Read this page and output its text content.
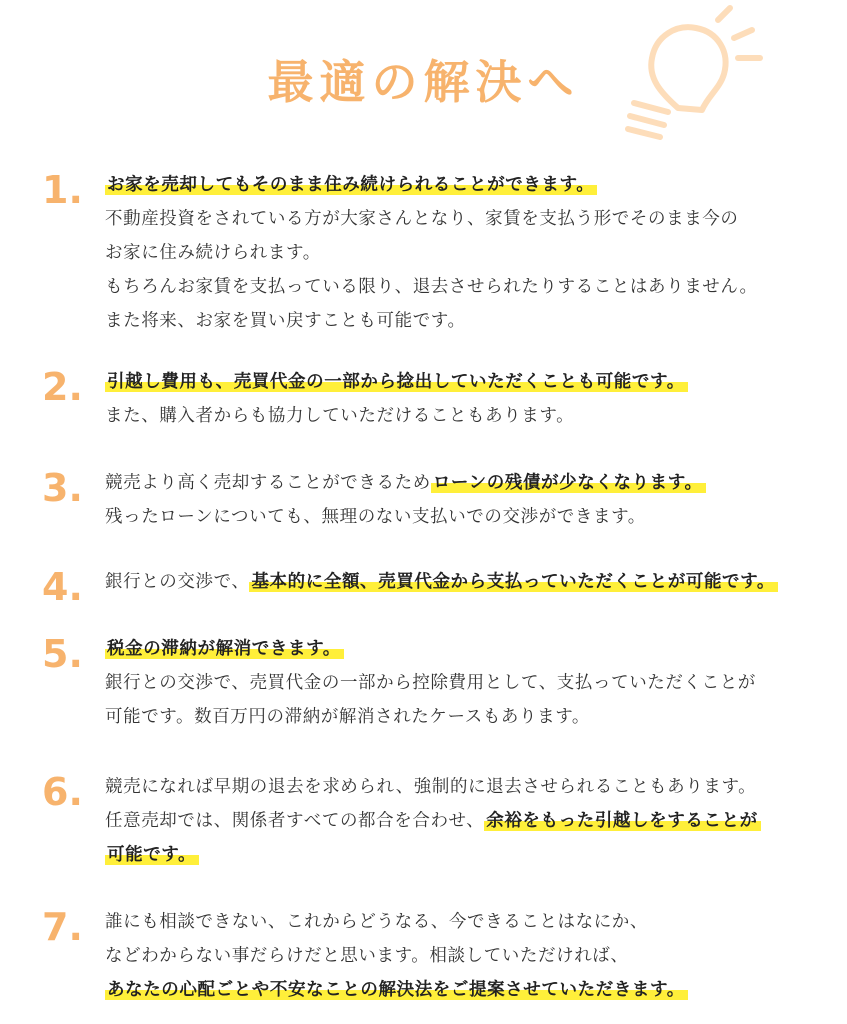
最適の解決へ
1. お家を売却してもそのまま住み続けられることができます。
不動産投資をされている方が大家さんとなり、家賃を支払う形でそのまま今の
お家に住み続けられます。
もちろんお家賃を支払っている限り、退去させられたりすることはありません。
また将来、お家を買い戻すことも可能です。
2. 引越し費用も、売買代金の一部から捻出していただくことも可能です。
また、購入者からも協力していただけることもあります。
3. 競売より高く売却することができるため ローンの残債が少なくなります。
残ったローンについても、無理のない支払いでの交渉ができます。
4. 銀行との交渉で、 基本的に全額、売買代金から支払っていただくことが可能です。
5. 税金の滞納が解消できます。
銀行との交渉で、売買代金の一部から控除費用として、支払っていただくことが
可能です。数百万円の滞納が解消されたケースもあります。
6. 競売になれば早期の退去を求められ、強制的に退去させられることもあります。
任意売却では、関係者すべての都合を合わせ、 余裕をもった引越しをすることが
可能です。
7. 誰にも相談できない、これからどうなる、今できることはなにか、
などわからない事だらけだと思います。相談していただければ、
あなたの心配ごとや不安なことの解決法をご提案させていただきます。
